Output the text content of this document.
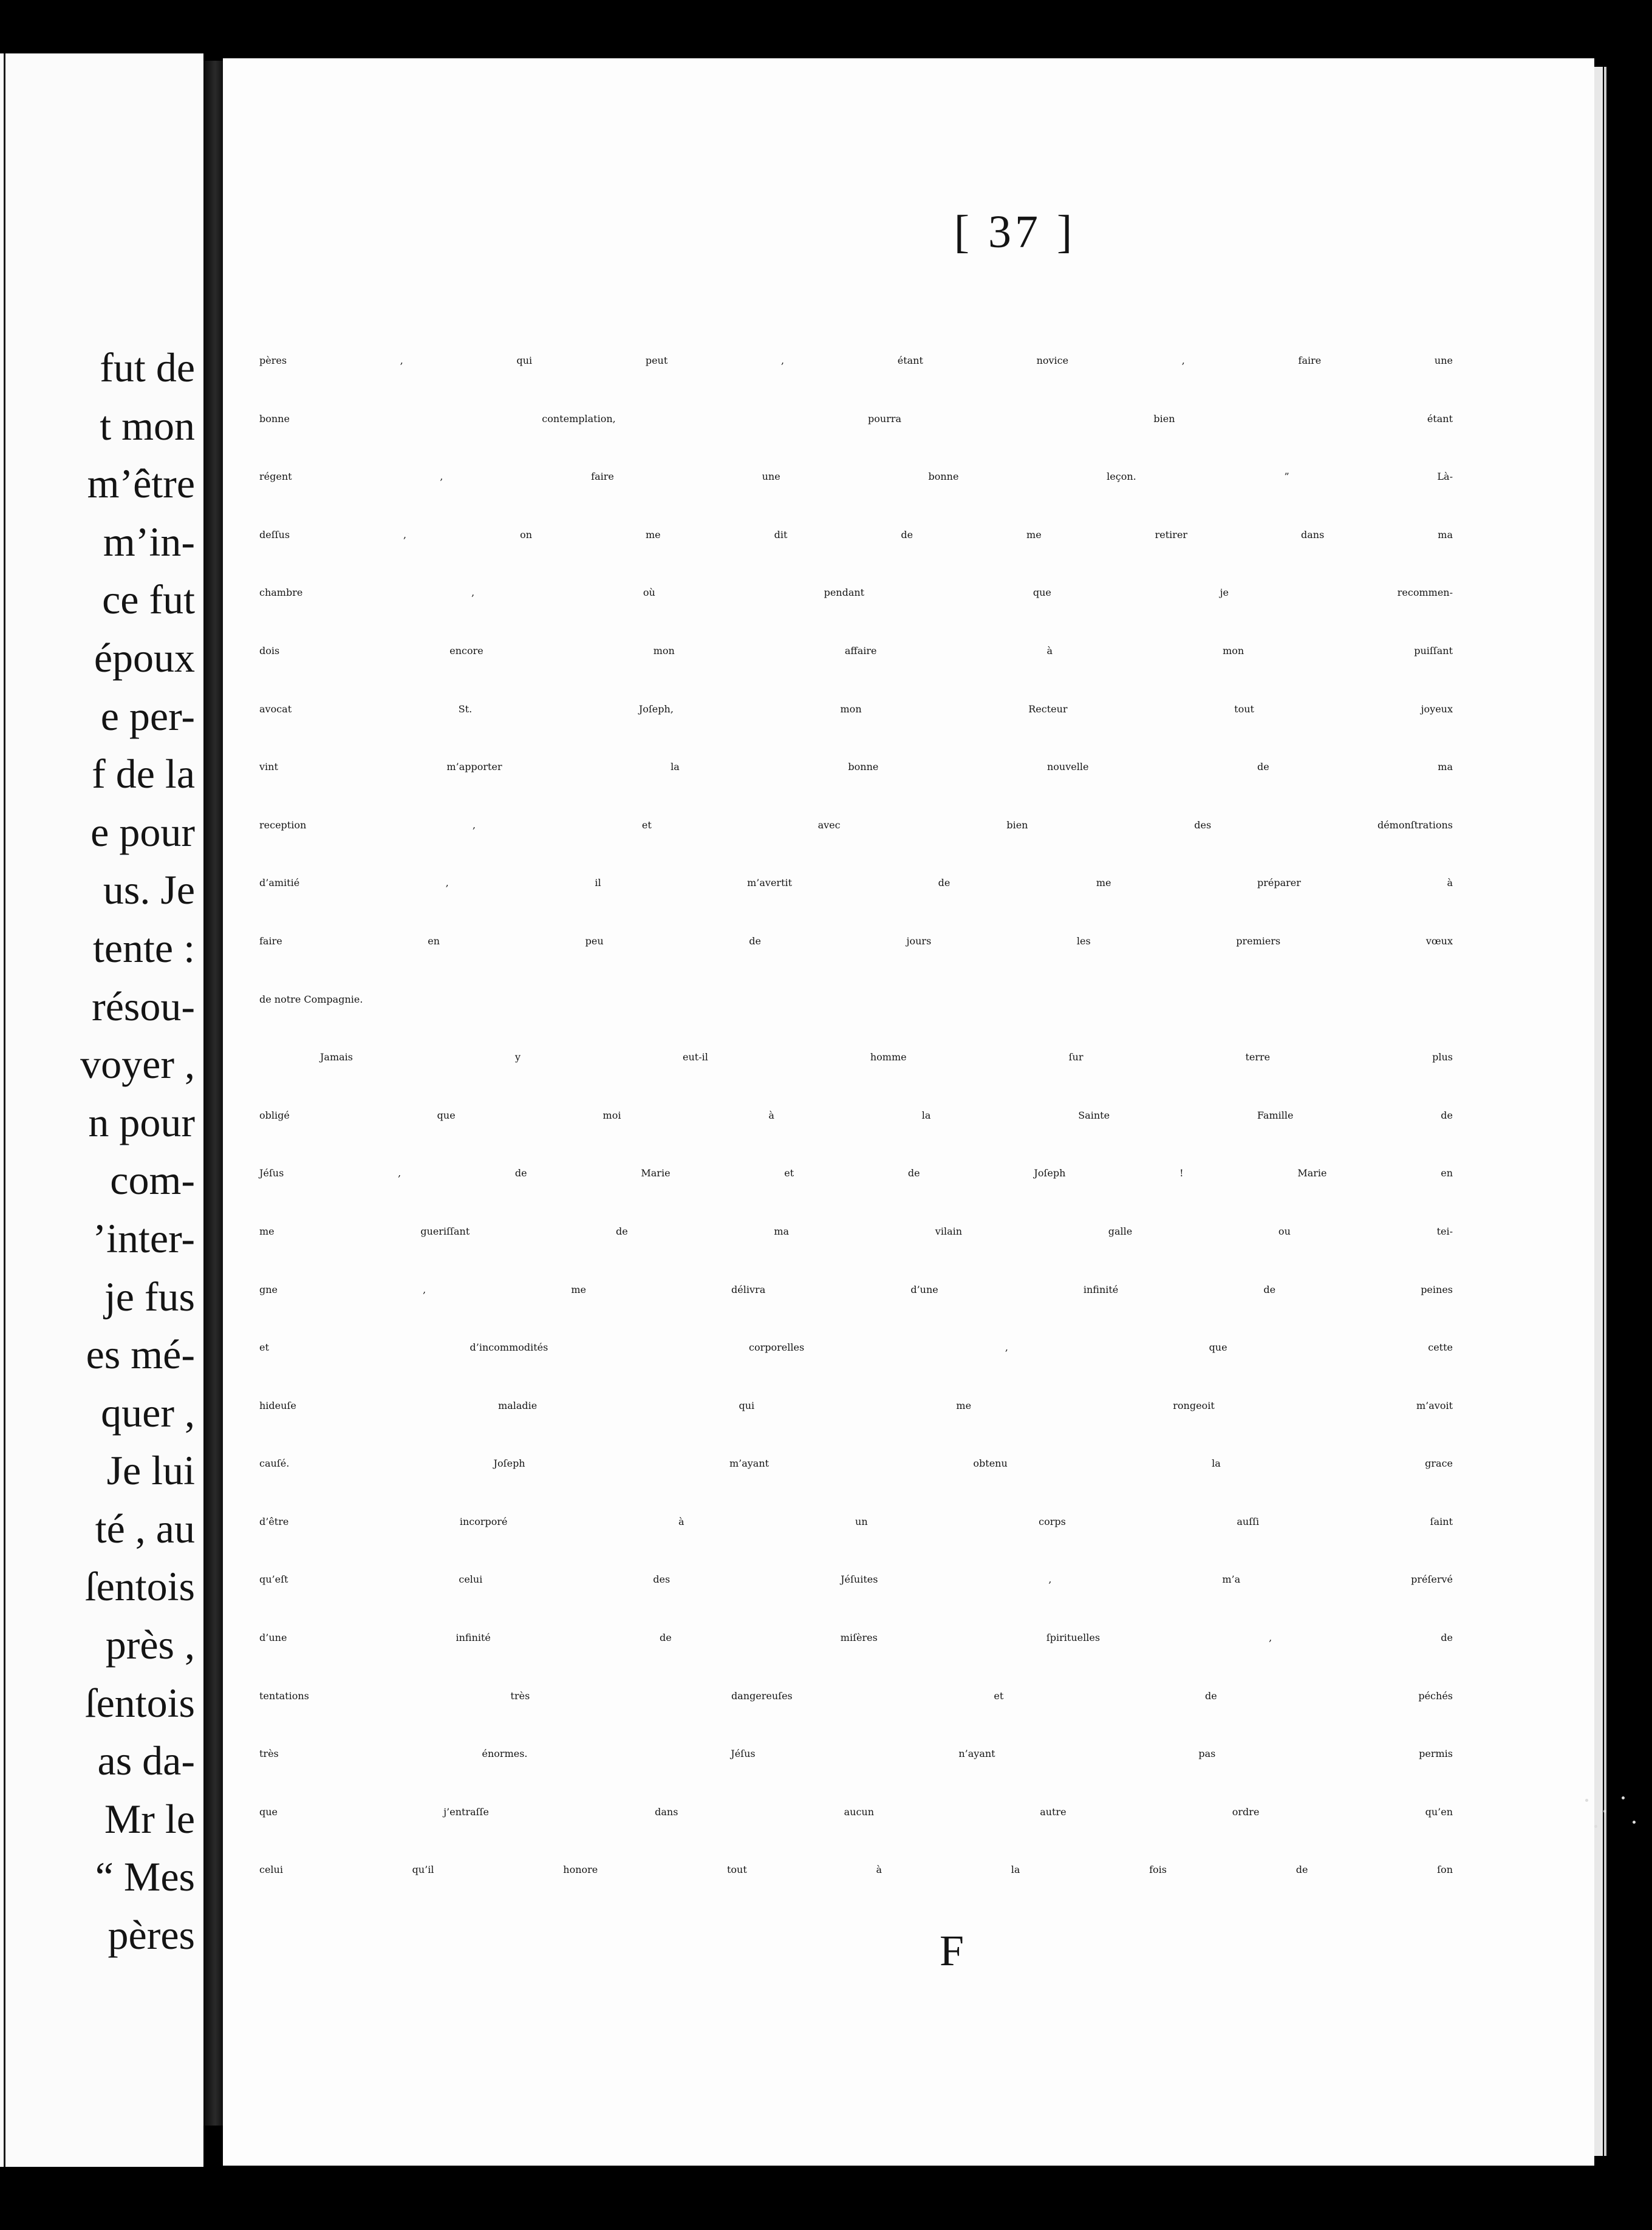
fut de
t mon
m’être
m’in-
ce fut
époux
e per-
f de la
e pour
us. Je
tente :
résou-
voyer ,
n pour
com-
’inter-
je fus
es mé-
quer ,
Je lui
té , au
ſentois
près ,
ſentois
as da-
Mr le
“ Mes
pères
[ 37 ]
pères , qui peut , étant novice , faire une
bonne contemplation, pourra bien étant
régent , faire une bonne leçon. ” Là-
deſſus , on me dit de me retirer dans ma
chambre , où pendant que je recommen-
dois encore mon affaire à mon puiſſant
avocat St. Joſeph, mon Recteur tout joyeux
vint m’apporter la bonne nouvelle de ma
reception , et avec bien des démonſtrations
d’amitié , il m’avertit de me préparer à
faire en peu de jours les premiers vœux
de notre Compagnie.
Jamais y eut-il homme ſur terre plus
obligé que moi à la Sainte Famille de
Jéſus , de Marie et de Joſeph ! Marie en
me gueriſſant de ma vilain galle ou tei-
gne , me délivra d’une infinité de peines
et d’incommodités corporelles , que cette
hideuſe maladie qui me rongeoit m’avoit
cauſé. Joſeph m’ayant obtenu la grace
d’être incorporé à un corps auſſi ſaint
qu’eſt celui des Jéſuites , m’a préſervé
d’une infinité de miſères ſpirituelles , de
tentations très dangereuſes et de péchés
très énormes. Jéſus n’ayant pas permis
que j’entraſſe dans aucun autre ordre qu’en
celui qu’il honore tout à la fois de ſon
F
